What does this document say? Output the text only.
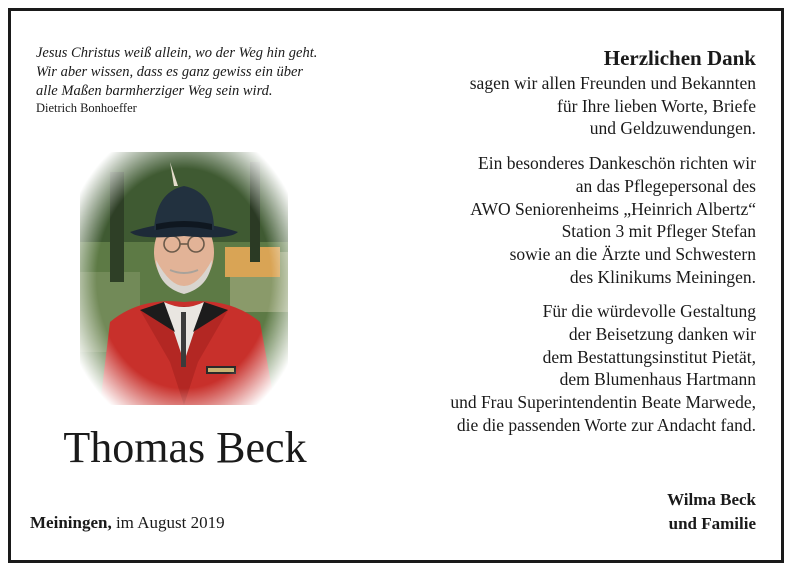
Jesus Christus weiß allein, wo der Weg hin geht.
Wir aber wissen, dass es ganz gewiss ein über
alle Maßen barmherziger Weg sein wird.
Dietrich Bonhoeffer
Thomas Beck
Meiningen, im August 2019
Herzlichen Dank
sagen wir allen Freunden und Bekannten
für Ihre lieben Worte, Briefe
und Geldzuwendungen.
Ein besonderes Dankeschön richten wir
an das Pflegepersonal des
AWO Seniorenheims „Heinrich Albertz“
Station 3 mit Pfleger Stefan
sowie an die Ärzte und Schwestern
des Klinikums Meiningen.
Für die würdevolle Gestaltung
der Beisetzung danken wir
dem Bestattungsinstitut Pietät,
dem Blumenhaus Hartmann
und Frau Superintendentin Beate Marwede,
die die passenden Worte zur Andacht fand.
Wilma Beck
und Familie
